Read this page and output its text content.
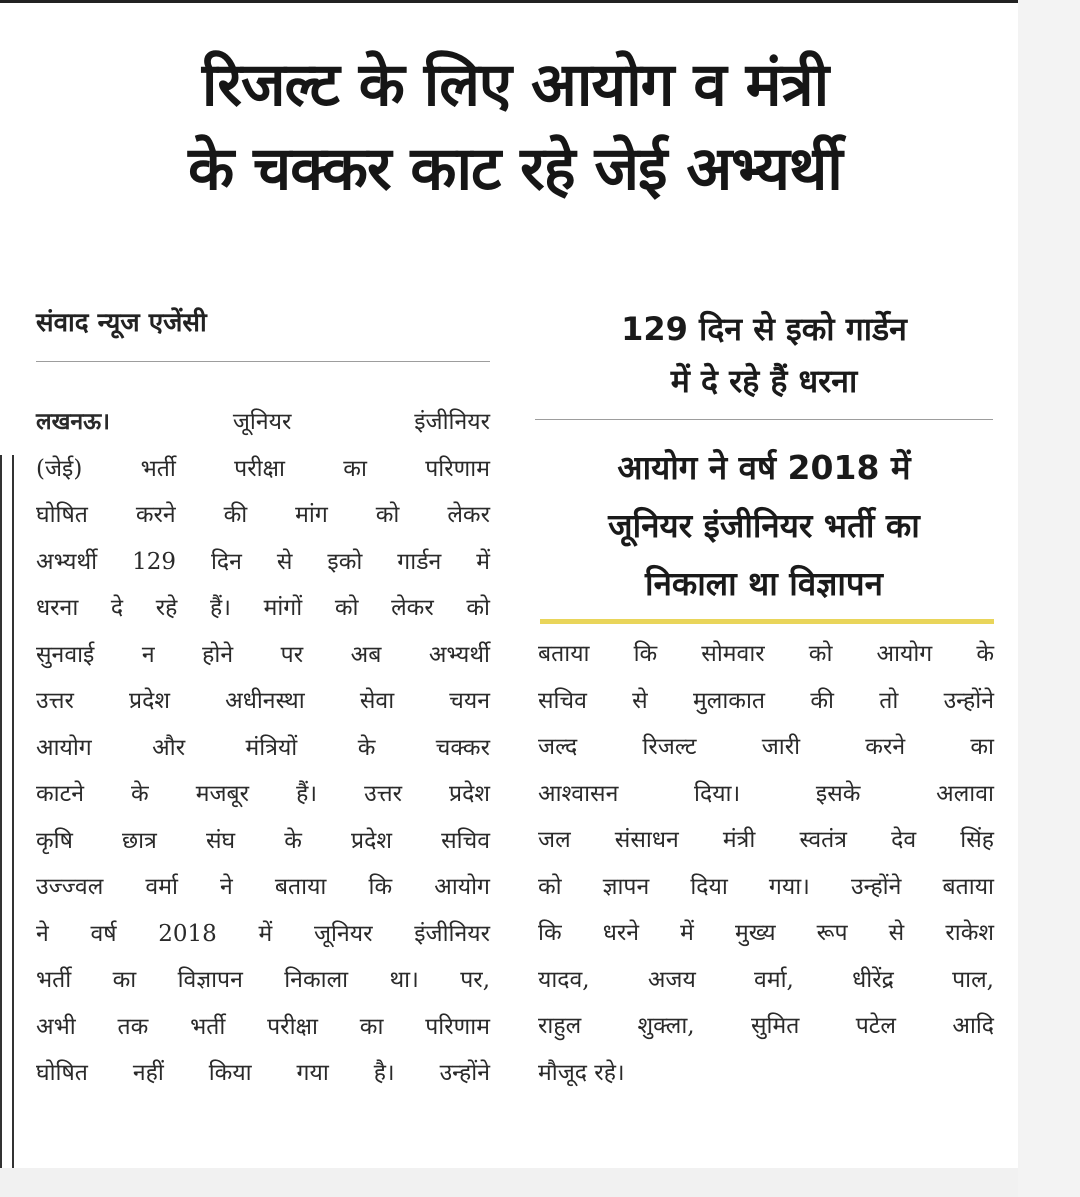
रिजल्ट के लिए आयोग व मंत्री
के चक्कर काट रहे जेई अभ्यर्थी
संवाद न्यूज एजेंसी	129 दिन से इको गार्डेन
में दे रहे हैं धरना
आयोग ने वर्ष 2018 में
जूनियर इंजीनियर भर्ती का
निकाला था विज्ञापन
लखनऊ।	जूनियर इंजीनियर
(जेई) भर्ती परीक्षा का परिणाम
घोषित करने की मांग को लेकर
अभ्यर्थी 129 दिन से इको गार्डन में
धरना दे रहे हैं। मांगों को लेकर को
सुनवाई न होने पर अब अभ्यर्थी
उत्तर प्रदेश अधीनस्था सेवा चयन
आयोग और मंत्रियों के चक्कर
काटने के मजबूर हैं। उत्तर प्रदेश
कृषि छात्र संघ के प्रदेश सचिव
उज्ज्वल वर्मा ने बताया कि आयोग
ने वर्ष 2018 में जूनियर इंजीनियर
भर्ती का विज्ञापन निकाला था। पर,
अभी तक भर्ती परीक्षा का परिणाम
घोषित नहीं किया गया है। उन्होंने
बताया कि सोमवार को आयोग के
सचिव से मुलाकात की तो उन्होंने
जल्द रिजल्ट जारी करने का
आश्वासन दिया। इसके अलावा
जल संसाधन मंत्री स्वतंत्र देव सिंह
को ज्ञापन दिया गया। उन्होंने बताया
कि धरने में मुख्य रूप से राकेश
यादव, अजय वर्मा, धीरेंद्र पाल,
राहुल शुक्ला, सुमित पटेल आदि
मौजूद रहे।
